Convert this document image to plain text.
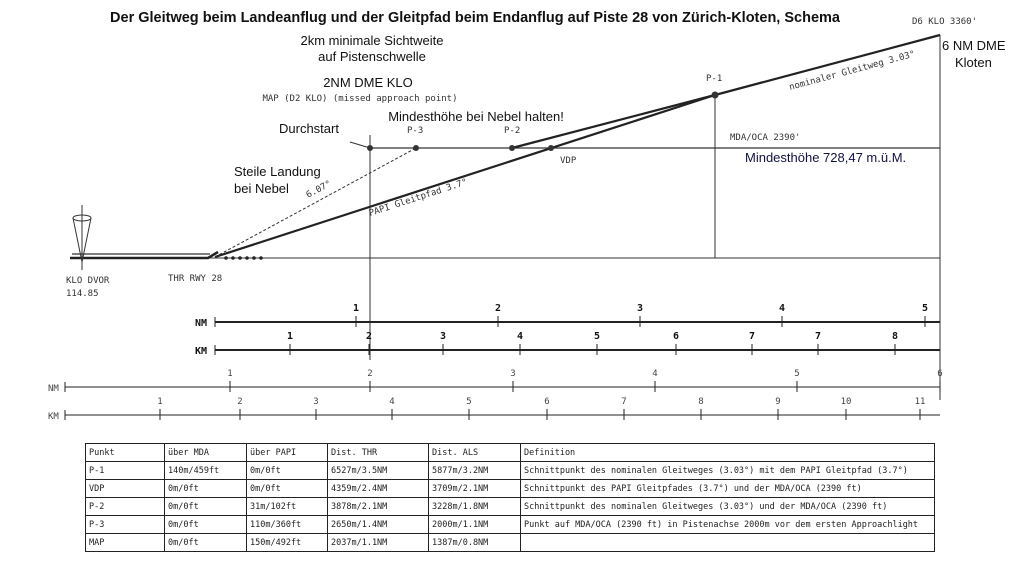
Der Gleitweg beim Landeanflug und der Gleitpfad beim Endanflug auf Piste 28 von Zürich-Kloten, Schema
2km minimale Sichtweite
auf Pistenschwelle
2NM DME KLO
MAP (D2 KLO) (missed approach point)
Mindesthöhe bei Nebel halten!
Durchstart
Steile Landung
bei Nebel 6.07°	PAPI Gleitpfad 3.7°
nominaler Gleitweg 3.03°
D6 KLO 3360'
6 NM DME
Kloten
MDA/OCA 2390'
Mindesthöhe 728,47 m.ü.M.
KLO DVOR
114.85
THR RWY 28
P-1
P-2
P-3
VDP
NM
1	2	3	4	5
KM
1	2	3	4	5	6	7	7	8
NM
1	2	3	4	5	6
KM
1	2	3	4	5	6	7	8	9	10	11
Punkt	über MDA	über PAPI	Dist. THR	Dist. ALS	Definition
P-1	140m/459ft	0m/0ft	6527m/3.5NM	5877m/3.2NM	Schnittpunkt des nominalen Gleitweges (3.03°) mit dem PAPI Gleitpfad (3.7°)
VDP	0m/0ft	0m/0ft	4359m/2.4NM	3709m/2.1NM	Schnittpunkt des PAPI Gleitpfades (3.7°) und der MDA/OCA (2390 ft)
P-2	0m/0ft	31m/102ft	3878m/2.1NM	3228m/1.8NM	Schnittpunkt des nominalen Gleitweges (3.03°) und der MDA/OCA (2390 ft)
P-3	0m/0ft	110m/360ft	2650m/1.4NM	2000m/1.1NM	Punkt auf MDA/OCA (2390 ft) in Pistenachse 2000m vor dem ersten Approachlight
MAP	0m/0ft	150m/492ft	2037m/1.1NM	1387m/0.8NM	
